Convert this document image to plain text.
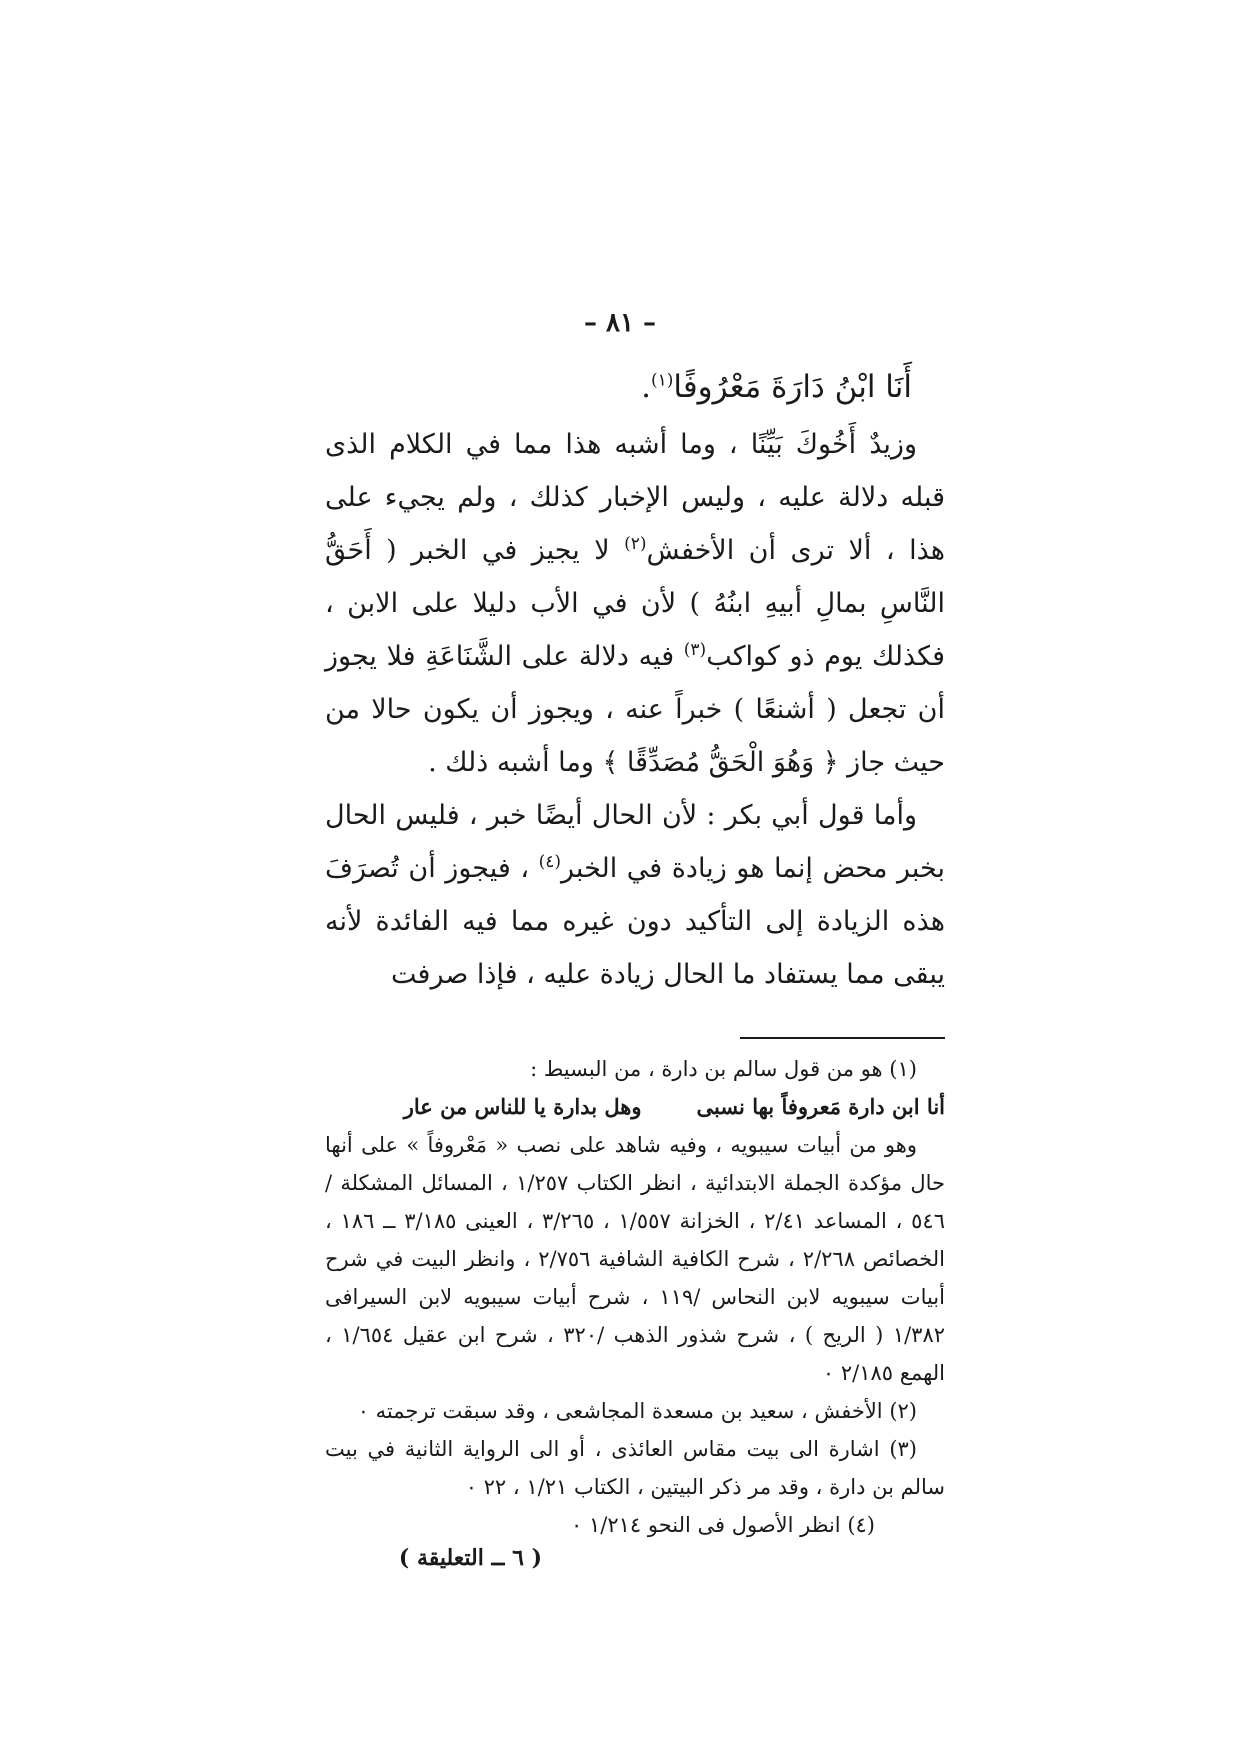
– ٨١ –
أَنَا ابْنُ دَارَةَ مَعْرُوفًا$^{(١)}$.

وزيدٌ أَخُوكَ بَيِّنًا ، وما أشبه هذا مما في الكلام الذى قبله دلالة عليه ، وليس الإخبار كذلك ، ولم يجيء على هذا ، ألا ترى أن الأخفش$^{(٢)}$ لا يجيز في الخبر ( أَحَقُّ النَّاسِ بمالِ أبيهِ ابنُهُ ) لأن في الأب دليلا على الابن ، فكذلك يوم ذو كواكب$^{(٣)}$ فيه دلالة على الشَّنَاعَةِ فلا يجوز أن تجعل ( أشنعًا ) خبراً عنه ، ويجوز أن يكون حالا من حيث جاز ﴿ وَهُوَ الْحَقُّ مُصَدِّقًا ﴾ وما أشبه ذلك .

وأما قول أبي بكر : لأن الحال أيضًا خبر ، فليس الحال بخبر محض إنما هو زيادة في الخبر$^{(٤)}$ ، فيجوز أن تُصرَفَ هذه الزيادة إلى التأكيد دون غيره مما فيه الفائدة لأنه يبقى مما يستفاد ما الحال زيادة عليه ، فإذا صرفت

(١) هو من قول سالم بن دارة ، من البسيط :

أنا ابن دارة مَعروفاً بها نسبى
وهل بدارة يا للناس من عار

وهو من أبيات سيبويه ، وفيه شاهد على نصب « مَعْروفاً » على أنها حال مؤكدة الجملة الابتدائية ، انظر الكتاب ١/٢٥٧ ، المسائل المشكلة /٥٤٦ ، المساعد ٢/٤١ ، الخزانة ١/٥٥٧ ، ٣/٢٦٥ ، العينى ٣/١٨٥ ــ ١٨٦ ، الخصائص ٢/٢٦٨ ، شرح الكافية الشافية ٢/٧٥٦ ، وانظر البيت في شرح أبيات سيبويه لابن النحاس /١١٩ ، شرح أبيات سيبويه لابن السيرافى ١/٣٨٢ ( الريح ) ، شرح شذور الذهب /٣٢٠ ، شرح ابن عقيل ١/٦٥٤ ، الهمع ٢/١٨٥ ٠

(٢) الأخفش ، سعيد بن مسعدة المجاشعى ، وقد سبقت ترجمته ٠

(٣) اشارة الى بيت مقاس العائذى ، أو الى الرواية الثانية في بيت سالم بن دارة ، وقد مر ذكر البيتين ، الكتاب ١/٢١ ، ٢٢ ٠

(٤) انظر الأصول فى النحو ١/٢١٤ ٠

( ٦ ــ التعليقة )
